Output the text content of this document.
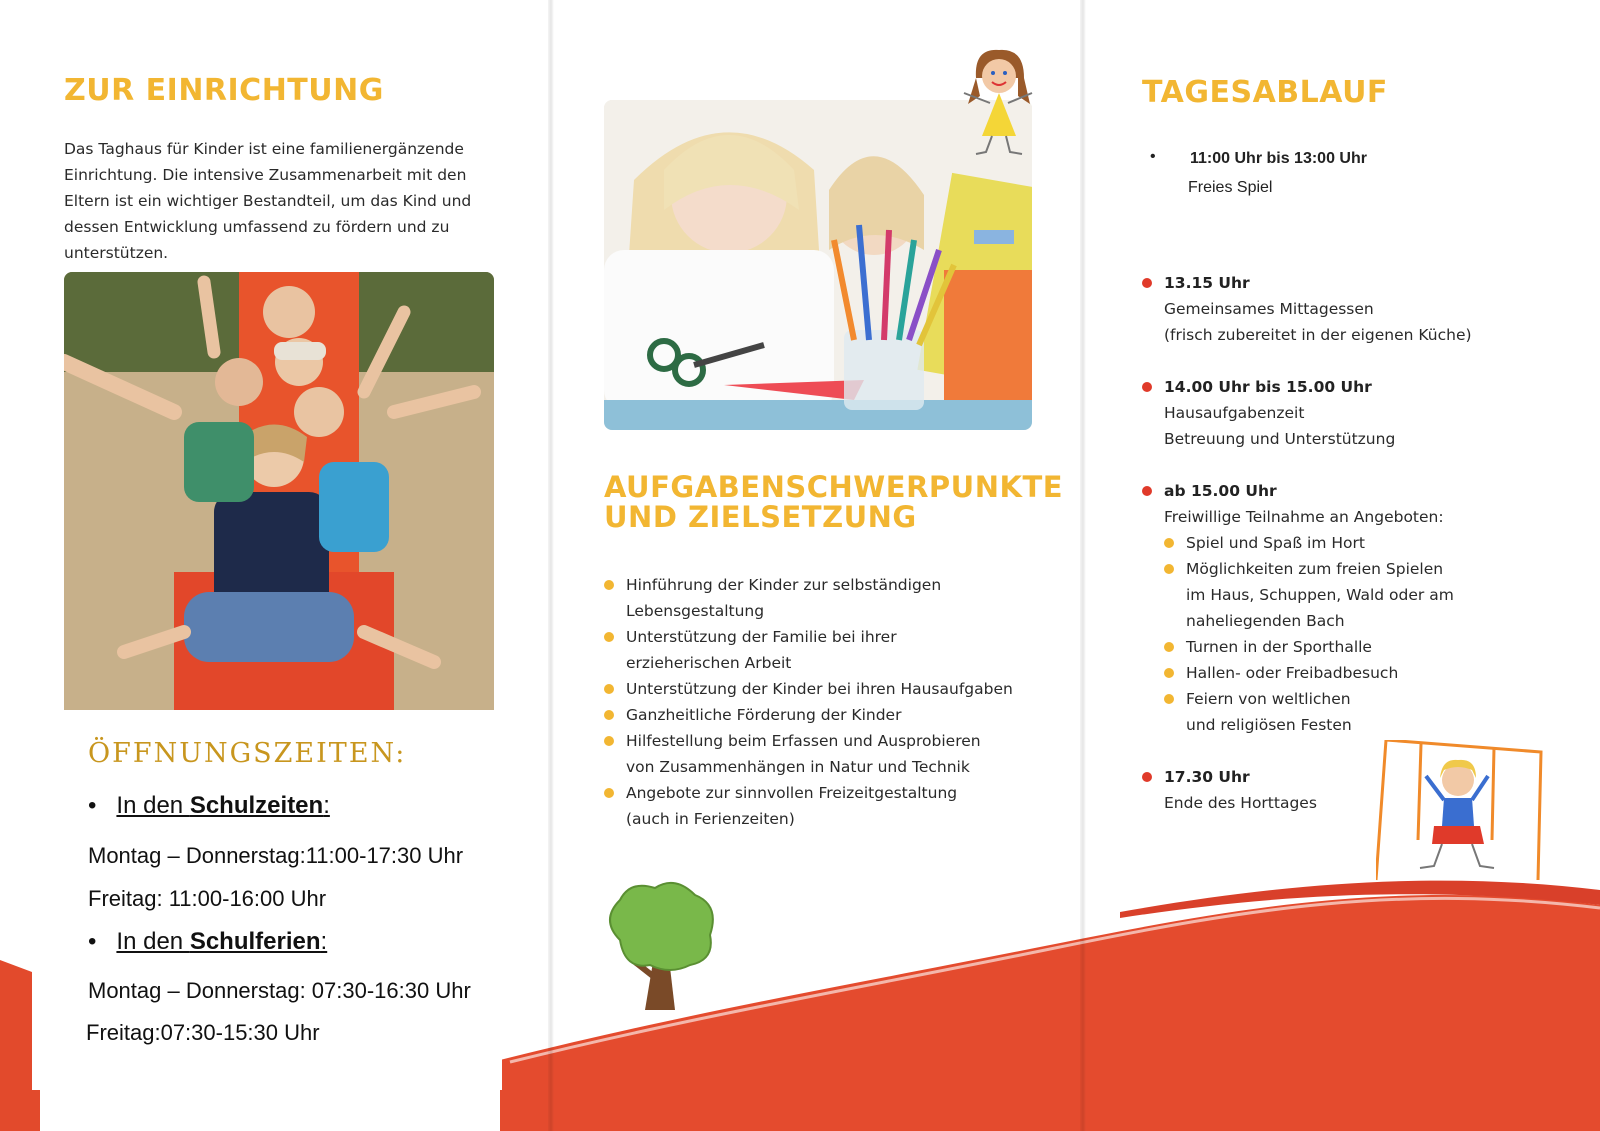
ZUR EINRICHTUNG

Das Taghaus für Kinder ist eine familienergänzende Einrichtung. Die intensive Zusammenarbeit mit den Eltern ist ein wichtiger Bestandteil, um das Kind und dessen Entwicklung umfassend zu fördern und zu unterstützen.

ÖFFNUNGSZEITEN:
• In den Schulzeiten:
Montag – Donnerstag:11:00-17:30 Uhr
Freitag: 11:00-16:00 Uhr
• In den Schulferien:
Montag – Donnerstag: 07:30-16:30 Uhr
Freitag:07:30-15:30 Uhr
AUFGABENSCHWERPUNKTE
UND ZIELSETZUNG
Hinführung der Kinder zur selbständigen
Lebensgestaltung
Unterstützung der Familie bei ihrer
erzieherischen Arbeit
Unterstützung der Kinder bei ihren Hausaufgaben
Ganzheitliche Förderung der Kinder
Hilfestellung beim Erfassen und Ausprobieren
von Zusammenhängen in Natur und Technik
Angebote zur sinnvollen Freizeitgestaltung
(auch in Ferienzeiten)
TAGESABLAUF
• 11:00 Uhr bis 13:00 Uhr
Freies Spiel
13.15 Uhr
Gemeinsames Mittagessen
(frisch zubereitet in der eigenen Küche)
14.00 Uhr bis 15.00 Uhr
Hausaufgabenzeit
Betreuung und Unterstützung
ab 15.00 Uhr
Freiwillige Teilnahme an Angeboten:
Spiel und Spaß im Hort
Möglichkeiten zum freien Spielen
im Haus, Schuppen, Wald oder am
naheliegenden Bach
Turnen in der Sporthalle
Hallen- oder Freibadbesuch
Feiern von weltlichen
und religiösen Festen
17.30 Uhr
Ende des Horttages
